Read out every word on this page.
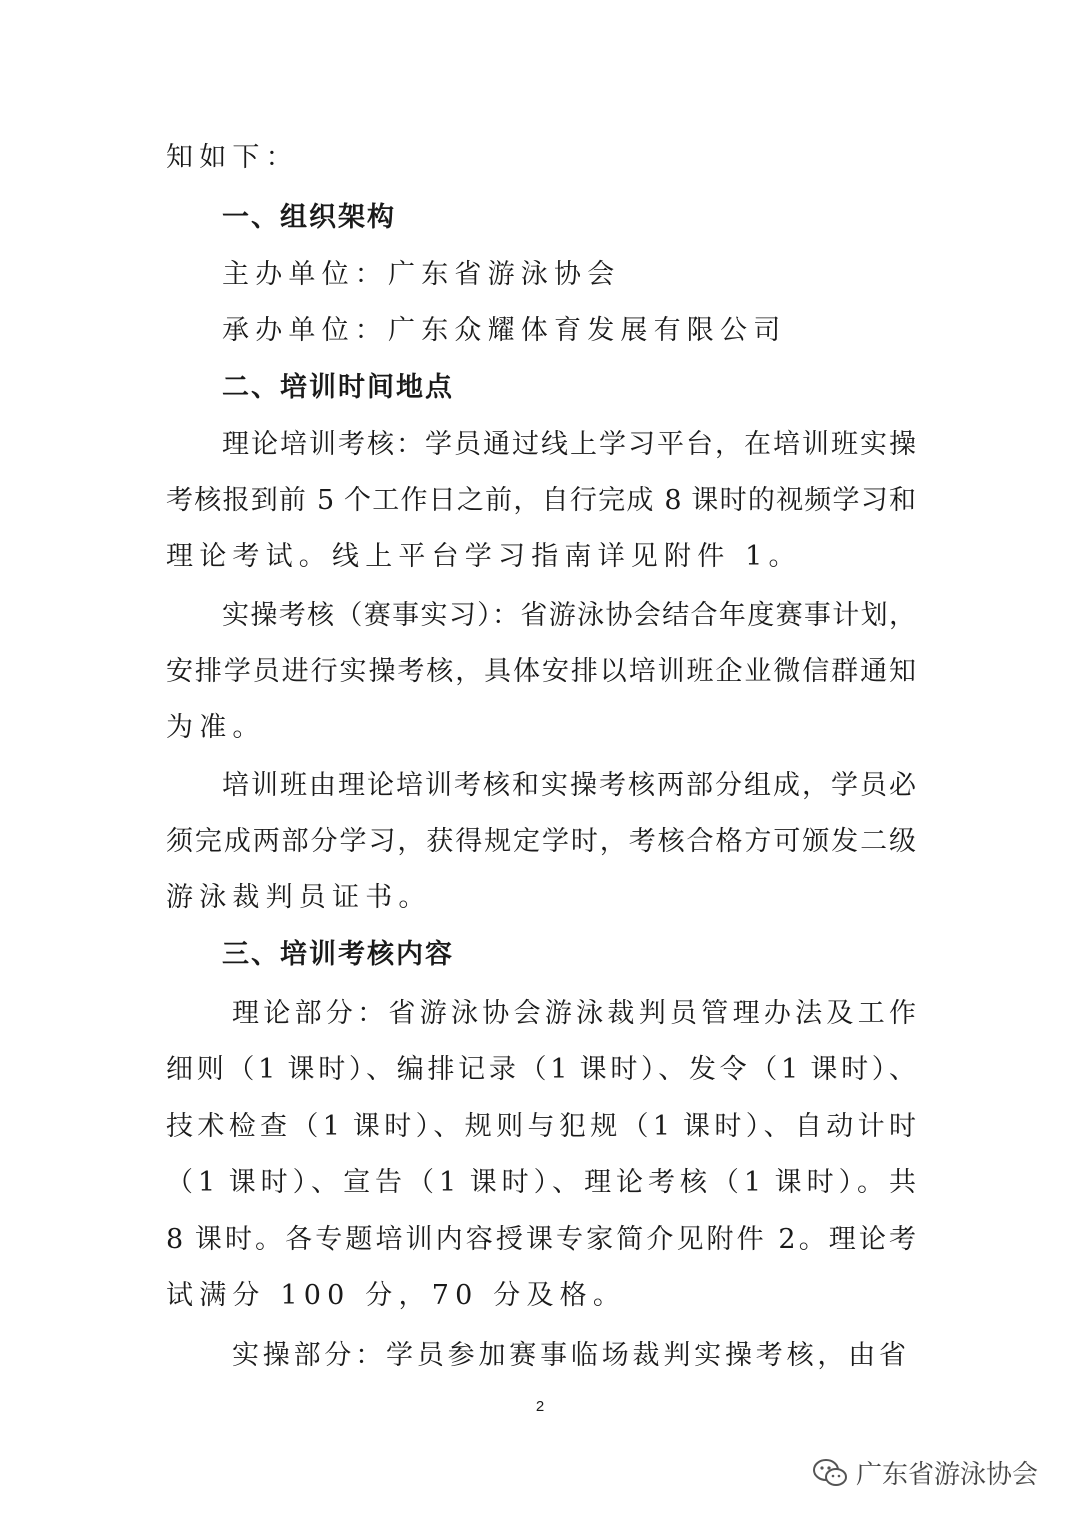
知如下：
一、组织架构
主办单位：广东省游泳协会
承办单位：广东众耀体育发展有限公司
二、培训时间地点
理论培训考核：学员通过线上学习平台，在培训班实操
考核报到前 5 个工作日之前，自行完成 8 课时的视频学习和
理论考试。线上平台学习指南详见附件 1。
实操考核（赛事实习）：省游泳协会结合年度赛事计划，
安排学员进行实操考核，具体安排以培训班企业微信群通知
为准。
培训班由理论培训考核和实操考核两部分组成，学员必
须完成两部分学习，获得规定学时，考核合格方可颁发二级
游泳裁判员证书。
三、培训考核内容
理论部分：省游泳协会游泳裁判员管理办法及工作
细则（1 课时）、编排记录（1 课时）、发令（1 课时）、
技术检查（1 课时）、规则与犯规（1 课时）、自动计时
（1 课时）、宣告（1 课时）、理论考核（1 课时）。共
8 课时。各专题培训内容授课专家简介见附件 2。理论考
试满分 100 分，70 分及格。
实操部分：学员参加赛事临场裁判实操考核，由省
2
广东省游泳协会
